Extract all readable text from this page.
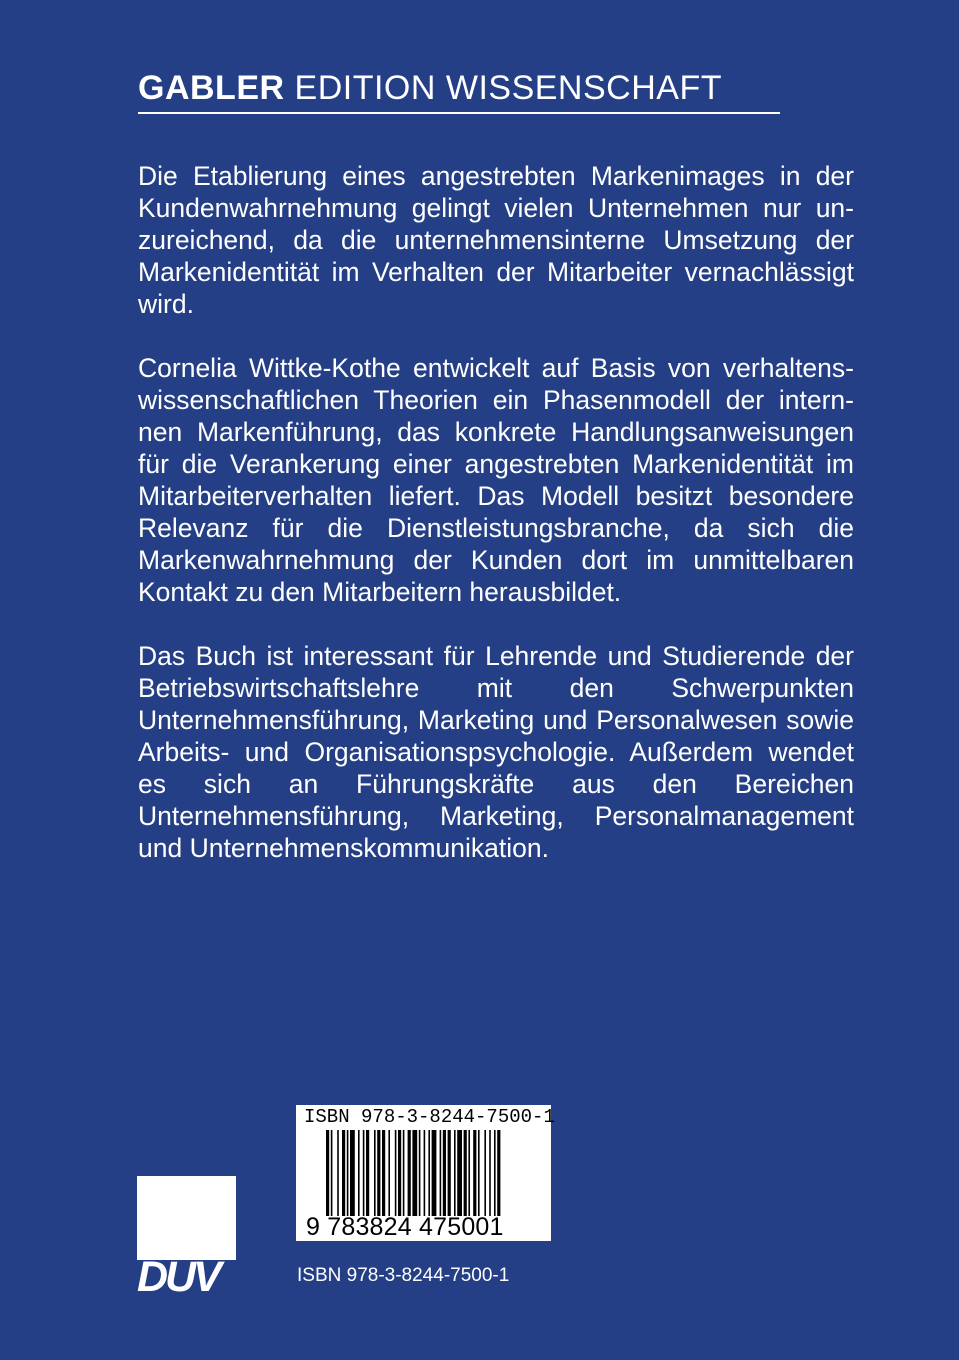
GABLER EDITION WISSENSCHAFT

Die Etablierung eines angestrebten Markenimages in der Kundenwahrnehmung gelingt vielen Unternehmen nur un-zureichend, da die unternehmensinterne Umsetzung der Markenidentität im Verhalten der Mitarbeiter vernachlässigt wird.

Cornelia Wittke-Kothe entwickelt auf Basis von verhaltens-wissenschaftlichen Theorien ein Phasenmodell der intern-nen Markenführung, das konkrete Handlungsanweisungen für die Verankerung einer angestrebten Markenidentität im Mitarbeiterverhalten liefert. Das Modell besitzt besondere Relevanz für die Dienstleistungsbranche, da sich die Markenwahrnehmung der Kunden dort im unmittelbaren Kontakt zu den Mitarbeitern herausbildet.

Das Buch ist interessant für Lehrende und Studierende der Betriebswirtschaftslehre mit den Schwerpunkten Unternehmensführung, Marketing und Personalwesen sowie Arbeits- und Organisationspsychologie. Außerdem wendet es sich an Führungskräfte aus den Bereichen Unternehmensführung, Marketing, Personalmanagement und Unternehmenskommunikation.

ISBN 978-3-8244-7500-1
9 783824 475001
DUV	ISBN 978-3-8244-7500-1
